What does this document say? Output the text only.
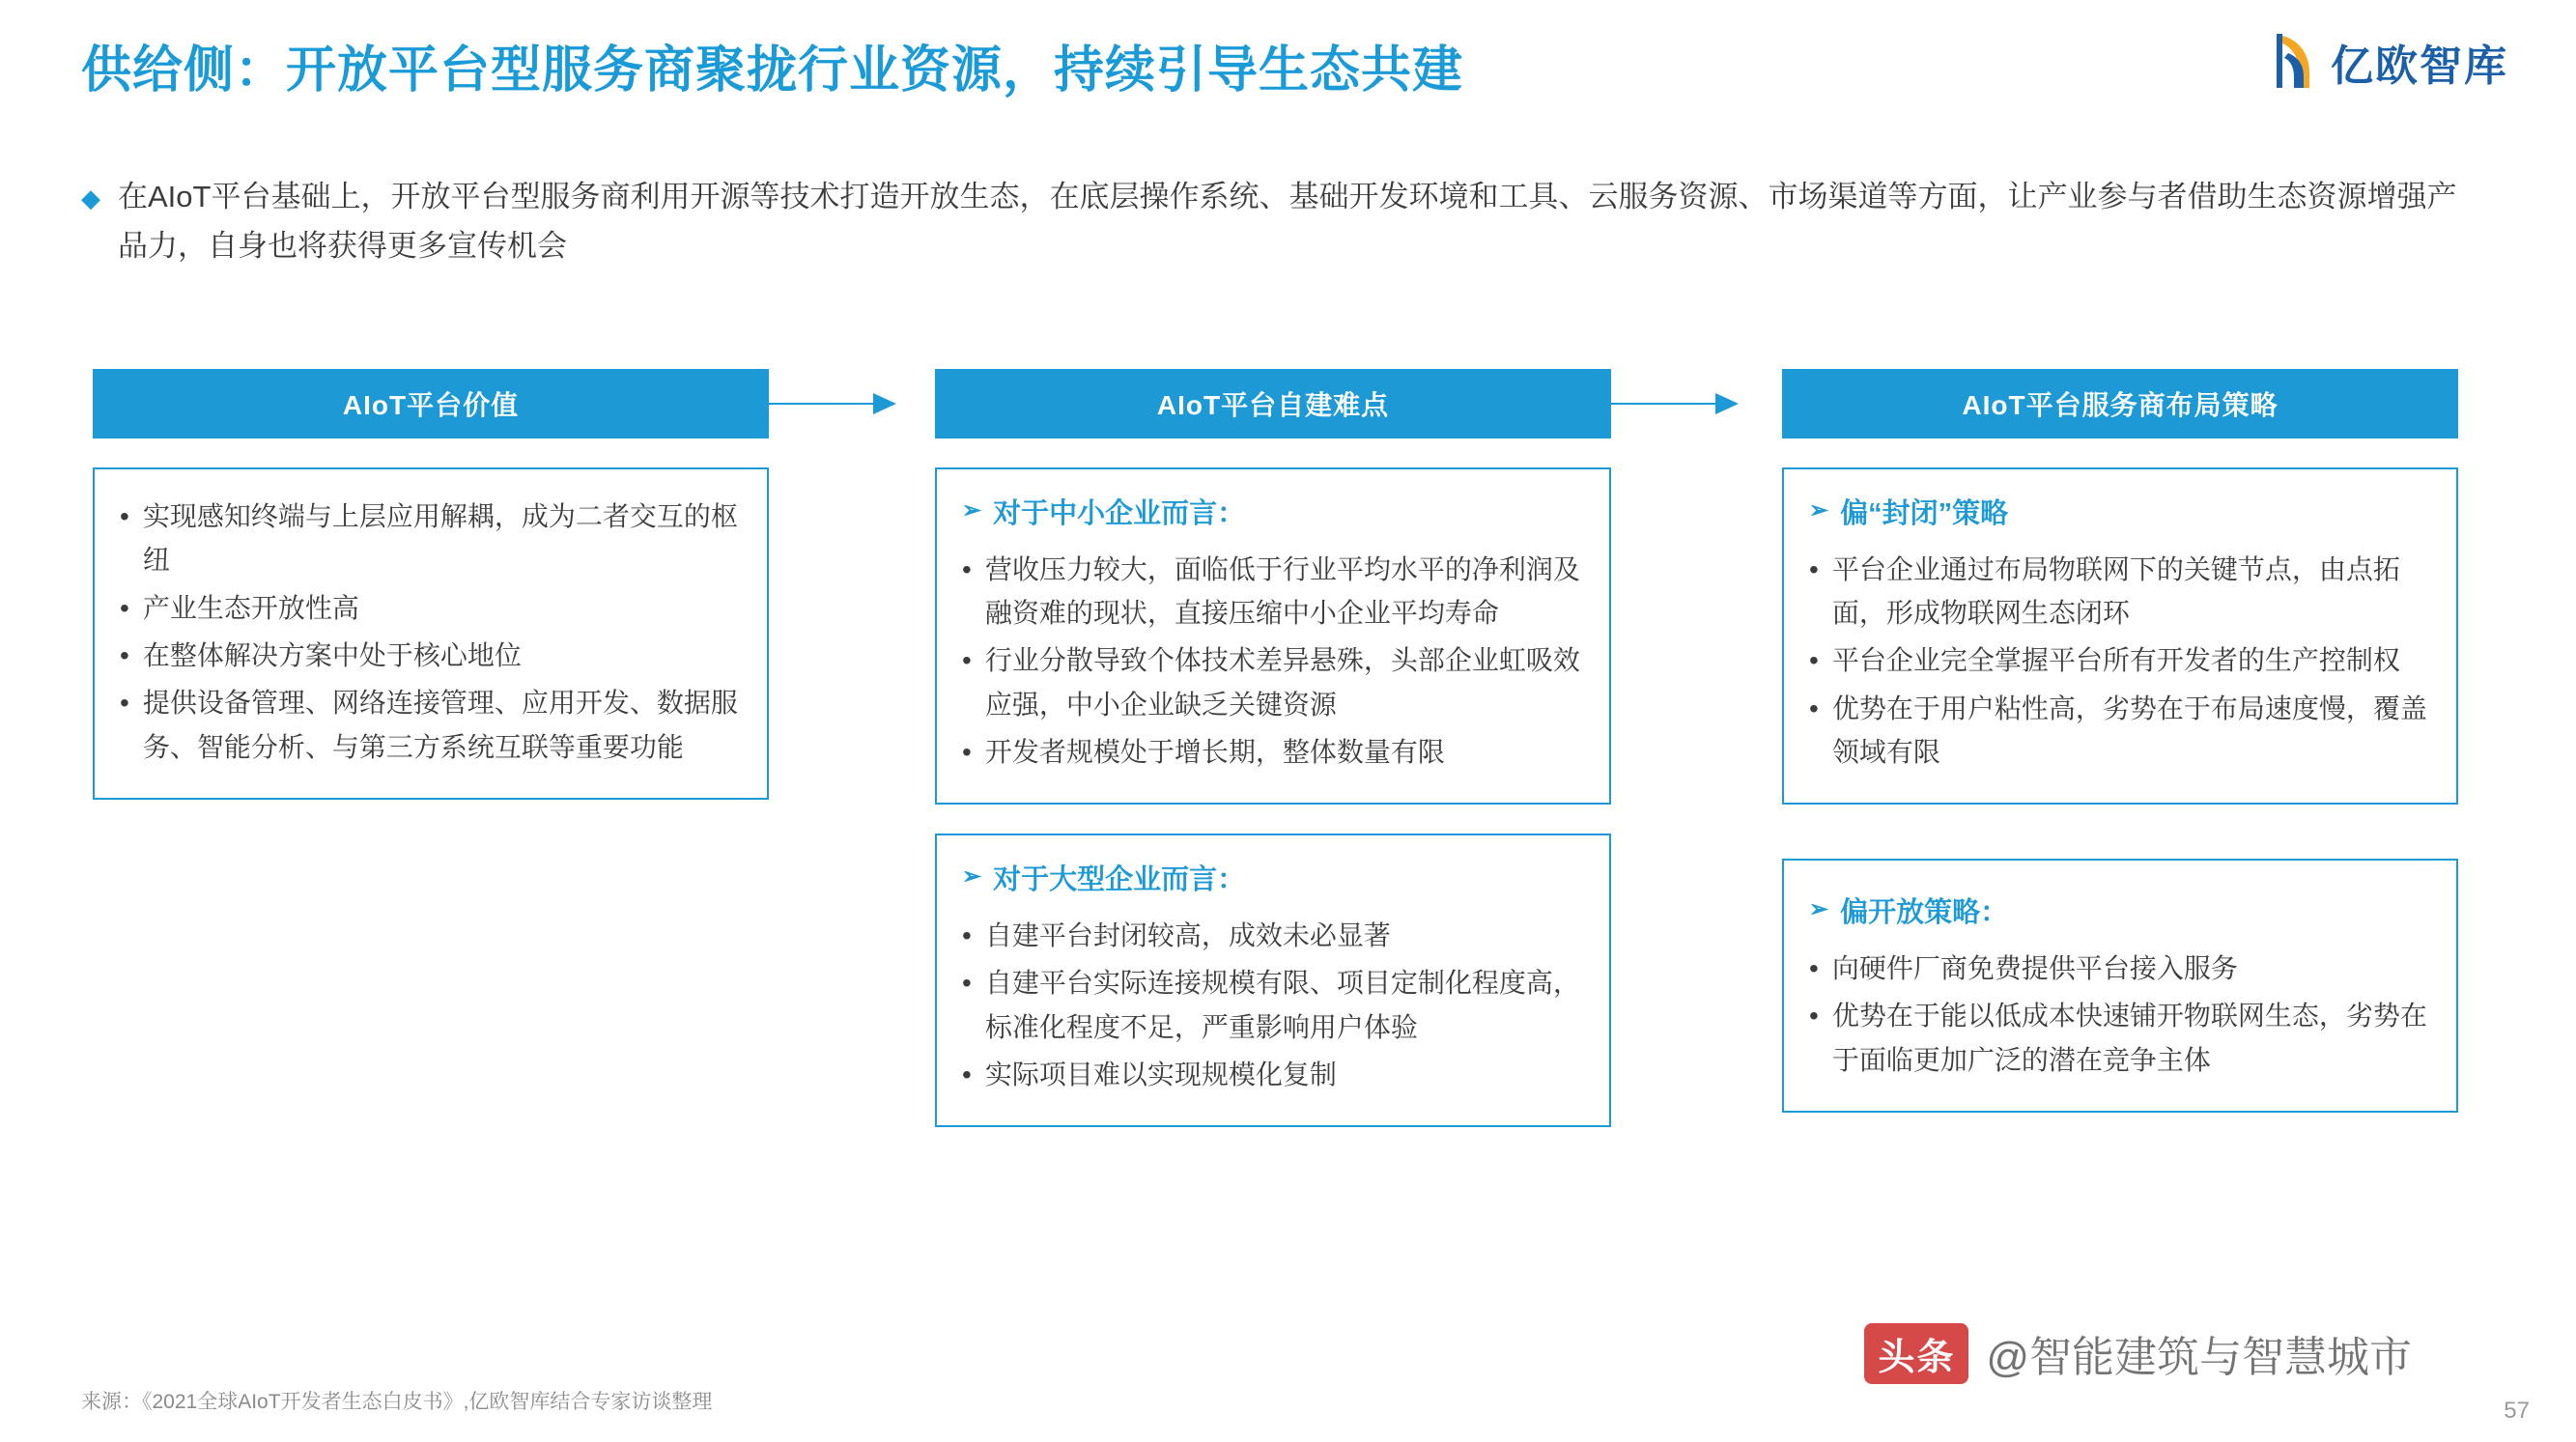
供给侧：开放平台型服务商聚拢行业资源，持续引导生态共建	亿欧智库
◆ 在AIoT平台基础上，开放平台型服务商利用开源等技术打造开放生态，在底层操作系统、基础开发环境和工具、云服务资源、市场渠道等方面，让产业参与者借助生态资源增强产品力，自身也将获得更多宣传机会
AIoT平台价值
• 实现感知终端与上层应用解耦，成为二者交互的枢纽
• 产业生态开放性高
• 在整体解决方案中处于核心地位
• 提供设备管理、网络连接管理、应用开发、数据服务、智能分析、与第三方系统互联等重要功能
AIoT平台自建难点
➢ 对于中小企业而言：
• 营收压力较大，面临低于行业平均水平的净利润及融资难的现状，直接压缩中小企业平均寿命
• 行业分散导致个体技术差异悬殊，头部企业虹吸效应强，中小企业缺乏关键资源
• 开发者规模处于增长期，整体数量有限
➢ 对于大型企业而言：
• 自建平台封闭较高，成效未必显著
• 自建平台实际连接规模有限、项目定制化程度高，标准化程度不足，严重影响用户体验
• 实际项目难以实现规模化复制
AIoT平台服务商布局策略
➢ 偏“封闭”策略
• 平台企业通过布局物联网下的关键节点，由点拓面，形成物联网生态闭环
• 平台企业完全掌握平台所有开发者的生产控制权
• 优势在于用户粘性高，劣势在于布局速度慢，覆盖领域有限
➢ 偏开放策略：
• 向硬件厂商免费提供平台接入服务
• 优势在于能以低成本快速铺开物联网生态，劣势在于面临更加广泛的潜在竞争主体
头条 @智能建筑与智慧城市
来源：《2021全球AIoT开发者生态白皮书》,亿欧智库结合专家访谈整理	57
